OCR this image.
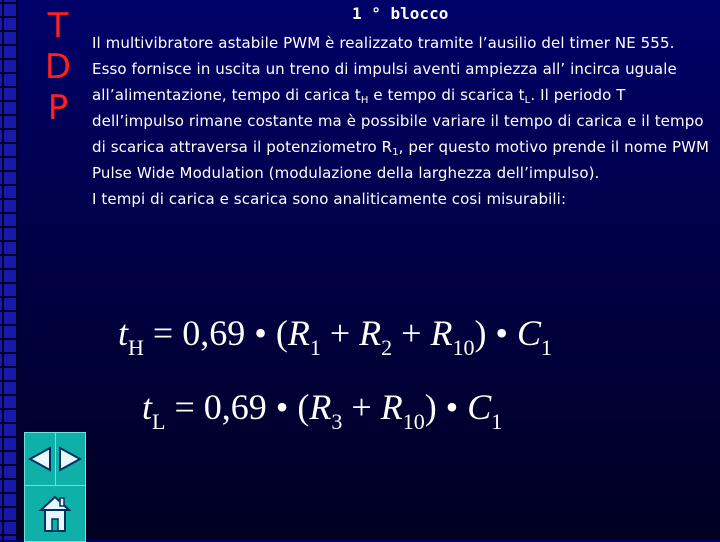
T
D
P
1 ° blocco

Il multivibratore astabile PWM è realizzato tramite l’ausilio del timer NE 555.

Esso fornisce in uscita un treno di impulsi aventi ampiezza all’ incirca uguale all’alimentazione, tempo di carica $t_H$ e tempo di scarica $t_L$. Il periodo T dell’impulso rimane costante ma è possibile variare il tempo di carica e il tempo di scarica attraversa il potenziometro $R_1$, per questo motivo prende il nome PWM Pulse Wide Modulation (modulazione della larghezza dell’impulso).

I tempi di carica e scarica sono analiticamente cosi misurabili:

$t_H = 0,69$ • $(R_1 + R_2 + R_{10})$ • $C_1$
$t_L = 0,69$ • $(R_3 + R_{10})$ • $C_1$
